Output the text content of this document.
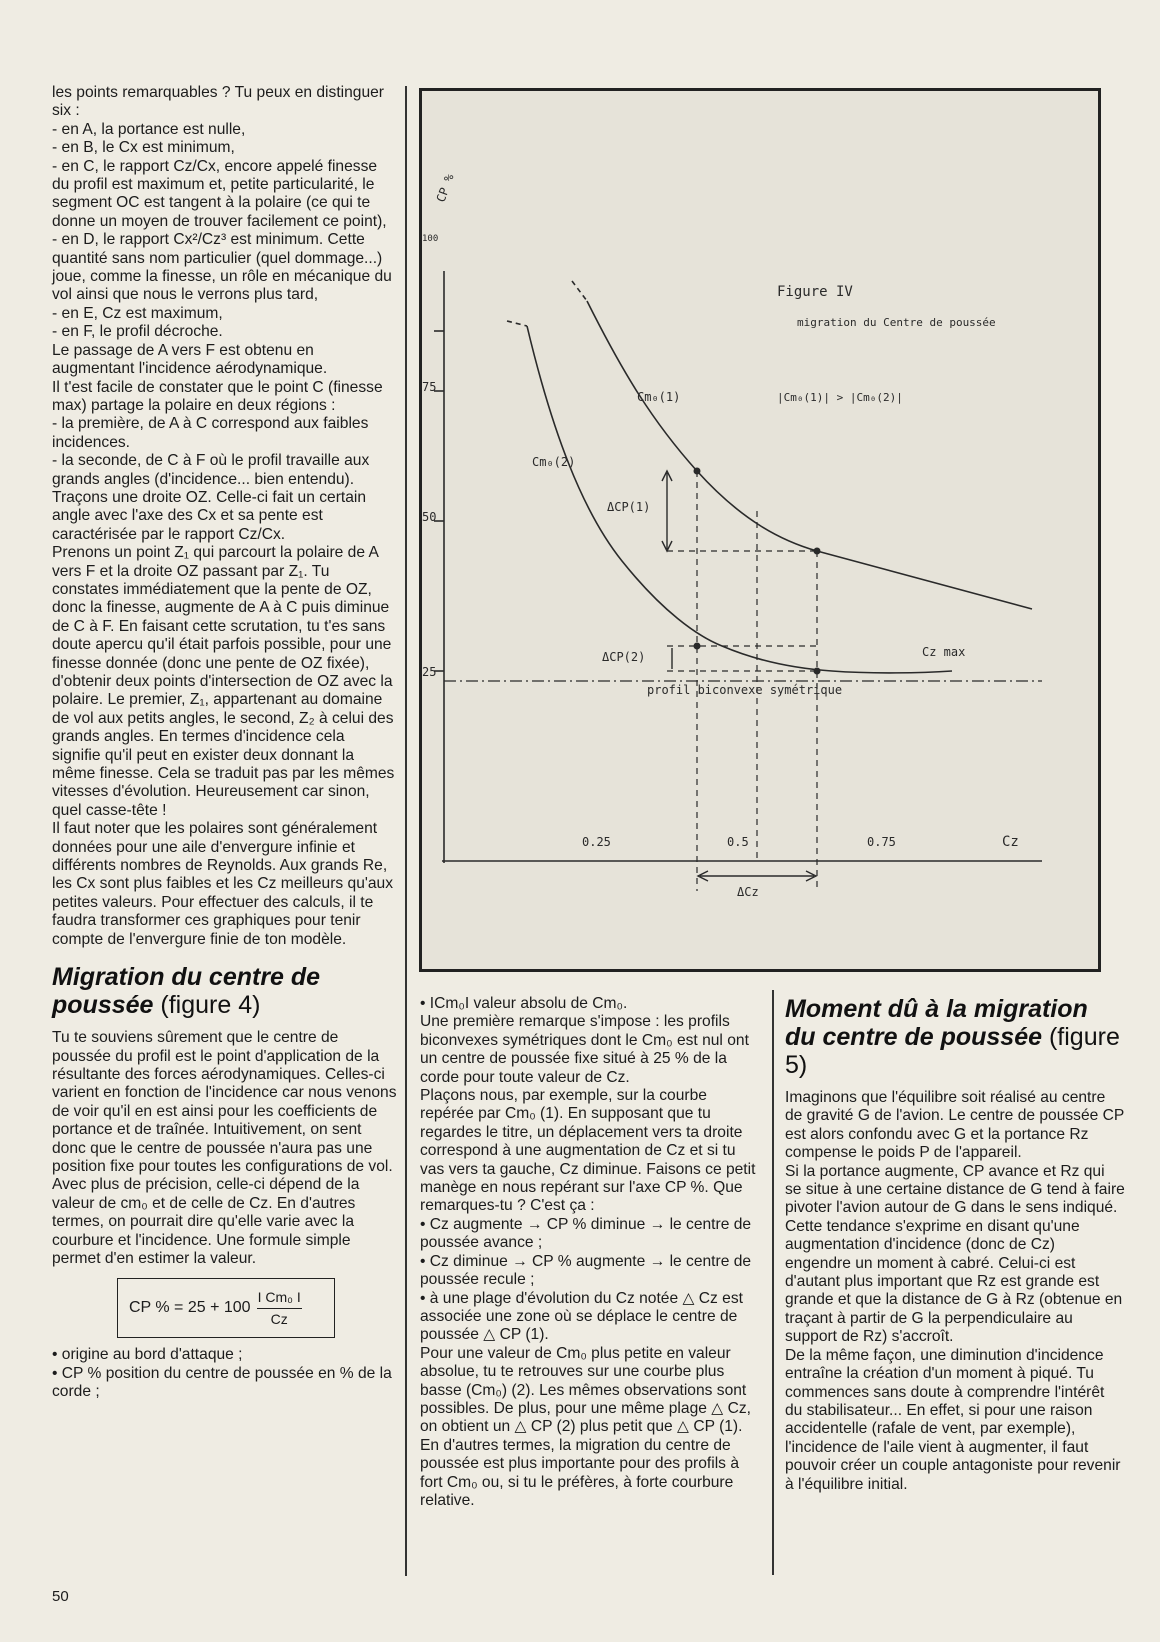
les points remarquables ? Tu peux en distinguer six :

- en A, la portance est nulle,

- en B, le Cx est minimum,

- en C, le rapport Cz/Cx, encore appelé finesse du profil est maximum et, petite particularité, le segment OC est tangent à la polaire (ce qui te donne un moyen de trouver facilement ce point),

- en D, le rapport Cx²/Cz³ est minimum. Cette quantité sans nom particulier (quel dommage...) joue, comme la finesse, un rôle en mécanique du vol ainsi que nous le verrons plus tard,

- en E, Cz est maximum,

- en F, le profil décroche.

Le passage de A vers F est obtenu en augmentant l'incidence aérodynamique.

Il t'est facile de constater que le point C (finesse max) partage la polaire en deux régions :

- la première, de A à C correspond aux faibles incidences.

- la seconde, de C à F où le profil travaille aux grands angles (d'incidence... bien entendu).

Traçons une droite OZ. Celle-ci fait un certain angle avec l'axe des Cx et sa pente est caractérisée par le rapport Cz/Cx.

Prenons un point Z₁ qui parcourt la polaire de A vers F et la droite OZ passant par Z₁. Tu constates immédiatement que la pente de OZ, donc la finesse, augmente de A à C puis diminue de C à F. En faisant cette scrutation, tu t'es sans doute apercu qu'il était parfois possible, pour une finesse donnée (donc une pente de OZ fixée), d'obtenir deux points d'intersection de OZ avec la polaire. Le premier, Z₁, appartenant au domaine de vol aux petits angles, le second, Z₂ à celui des grands angles. En termes d'incidence cela signifie qu'il peut en exister deux donnant la même finesse. Cela se traduit pas par les mêmes vitesses d'évolution. Heureusement car sinon, quel casse-tête !

Il faut noter que les polaires sont généralement données pour une aile d'envergure infinie et différents nombres de Reynolds. Aux grands Re, les Cx sont plus faibles et les Cz meilleurs qu'aux petites valeurs. Pour effectuer des calculs, il te faudra transformer ces graphiques pour tenir compte de l'envergure finie de ton modèle.

Migration du centre de poussée (figure 4)

Tu te souviens sûrement que le centre de poussée du profil est le point d'application de la résultante des forces aérodynamiques. Celles-ci varient en fonction de l'incidence car nous venons de voir qu'il en est ainsi pour les coefficients de portance et de traînée. Intuitivement, on sent donc que le centre de poussée n'aura pas une position fixe pour toutes les configurations de vol. Avec plus de précision, celle-ci dépend de la valeur de cm₀ et de celle de Cz. En d'autres termes, on pourrait dire qu'elle varie avec la courbure et l'incidence. Une formule simple permet d'en estimer la valeur.

CP % = 25 + 100	I Cm₀ I
Cz

• origine au bord d'attaque ;

• CP % position du centre de poussée en % de la corde ;

CP %
100
75
50
25
0.25	0.5	0.75	Cz
Figure IV
migration du Centre de poussée
Cm₀(1)	|Cm₀(1)| > |Cm₀(2)|
Cm₀(2)
ΔCP(1)
ΔCP(2)	Cz max
profil biconvexe symétrique
ΔCz

• ICm₀I valeur absolu de Cm₀.

Une première remarque s'impose : les profils biconvexes symétriques dont le Cm₀ est nul ont un centre de poussée fixe situé à 25 % de la corde pour toute valeur de Cz.

Plaçons nous, par exemple, sur la courbe repérée par Cm₀ (1). En supposant que tu regardes le titre, un déplacement vers ta droite correspond à une augmentation de Cz et si tu vas vers ta gauche, Cz diminue. Faisons ce petit manège en nous repérant sur l'axe CP %. Que remarques-tu ? C'est ça :

• Cz augmente → CP % diminue → le centre de poussée avance ;

• Cz diminue → CP % augmente → le centre de poussée recule ;

• à une plage d'évolution du Cz notée △ Cz est associée une zone où se déplace le centre de poussée △ CP (1).

Pour une valeur de Cm₀ plus petite en valeur absolue, tu te retrouves sur une courbe plus basse (Cm₀) (2). Les mêmes observations sont possibles. De plus, pour une même plage △ Cz, on obtient un △ CP (2) plus petit que △ CP (1). En d'autres termes, la migration du centre de poussée est plus importante pour des profils à fort Cm₀ ou, si tu le préfères, à forte courbure relative.

Moment dû à la migration du centre de poussée (figure 5)

Imaginons que l'équilibre soit réalisé au centre de gravité G de l'avion. Le centre de poussée CP est alors confondu avec G et la portance Rz compense le poids P de l'appareil.

Si la portance augmente, CP avance et Rz qui se situe à une certaine distance de G tend à faire pivoter l'avion autour de G dans le sens indiqué. Cette tendance s'exprime en disant qu'une augmentation d'incidence (donc de Cz) engendre un moment à cabré. Celui-ci est d'autant plus important que Rz est grande est grande et que la distance de G à Rz (obtenue en traçant à partir de G la perpendiculaire au support de Rz) s'accroît.

De la même façon, une diminution d'incidence entraîne la création d'un moment à piqué. Tu commences sans doute à comprendre l'intérêt du stabilisateur... En effet, si pour une raison accidentelle (rafale de vent, par exemple), l'incidence de l'aile vient à augmenter, il faut pouvoir créer un couple antagoniste pour revenir à l'équilibre initial.

50
